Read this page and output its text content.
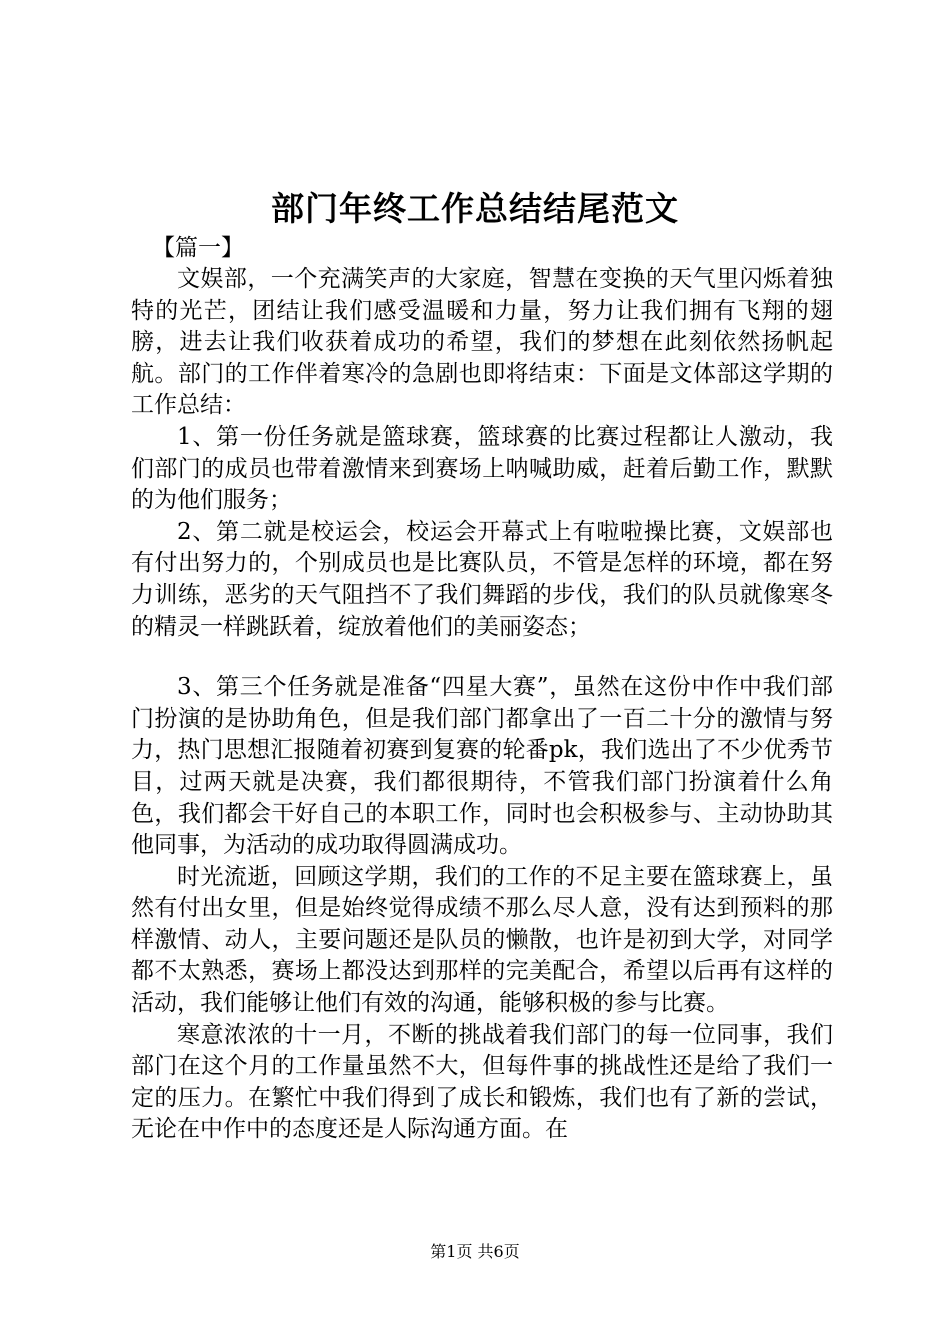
部门年终工作总结结尾范文
【篇一】

文娱部，一个充满笑声的大家庭，智慧在变换的天气里闪烁着独特的光芒，团结让我们感受温暖和力量，努力让我们拥有飞翔的翅膀，进去让我们收获着成功的希望，我们的梦想在此刻依然扬帆起航。部门的工作伴着寒冷的急剧也即将结束：下面是文体部这学期的工作总结：

1、第一份任务就是篮球赛，篮球赛的比赛过程都让人激动，我们部门的成员也带着激情来到赛场上呐喊助威，赶着后勤工作，默默的为他们服务；

2、第二就是校运会，校运会开幕式上有啦啦操比赛，文娱部也有付出努力的，个别成员也是比赛队员，不管是怎样的环境，都在努力训练，恶劣的天气阻挡不了我们舞蹈的步伐，我们的队员就像寒冬的精灵一样跳跃着，绽放着他们的美丽姿态；

3、第三个任务就是准备“四星大赛”，虽然在这份中作中我们部门扮演的是协助角色，但是我们部门都拿出了一百二十分的激情与努力，热门思想汇报随着初赛到复赛的轮番pk，我们选出了不少优秀节目，过两天就是决赛，我们都很期待，不管我们部门扮演着什么角色，我们都会干好自己的本职工作，同时也会积极参与、主动协助其他同事，为活动的成功取得圆满成功。

时光流逝，回顾这学期，我们的工作的不足主要在篮球赛上，虽然有付出女里，但是始终觉得成绩不那么尽人意，没有达到预料的那样激情、动人，主要问题还是队员的懒散，也许是初到大学，对同学都不太熟悉，赛场上都没达到那样的完美配合，希望以后再有这样的活动，我们能够让他们有效的沟通，能够积极的参与比赛。

寒意浓浓的十一月，不断的挑战着我们部门的每一位同事，我们部门在这个月的工作量虽然不大，但每件事的挑战性还是给了我们一定的压力。在繁忙中我们得到了成长和锻炼，我们也有了新的尝试，无论在中作中的态度还是人际沟通方面。在

第1页 共6页
